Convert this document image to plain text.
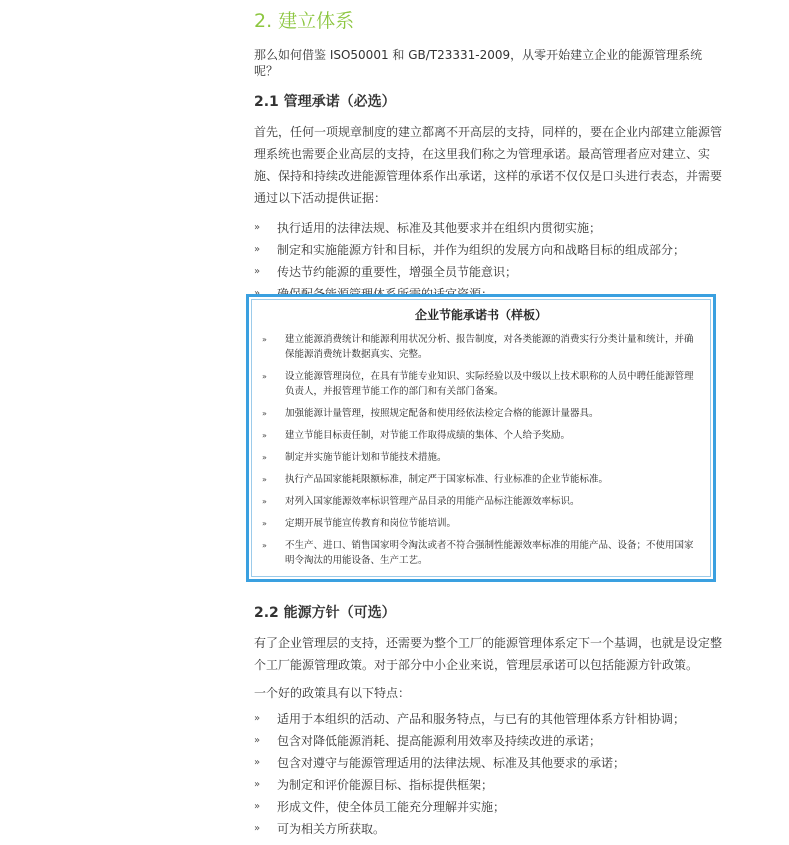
2. 建立体系

那么如何借鉴 ISO50001 和 GB/T23331-2009，从零开始建立企业的能源管理系统呢？

2.1 管理承诺（必选）

首先，任何一项规章制度的建立都离不开高层的支持，同样的，要在企业内部建立能源管理系统也需要企业高层的支持，在这里我们称之为管理承诺。最高管理者应对建立、实施、保持和持续改进能源管理体系作出承诺，这样的承诺不仅仅是口头进行表态，并需要通过以下活动提供证据：

» 执行适用的法律法规、标准及其他要求并在组织内贯彻实施；
» 制定和实施能源方针和目标，并作为组织的发展方向和战略目标的组成部分；
» 传达节约能源的重要性，增强全员节能意识；
企业节能承诺书（样板）
» 建立能源消费统计和能源利用状况分析、报告制度，对各类能源的消费实行分类计量和统计，并确保能源消费统计数据真实、完整。
» 设立能源管理岗位，在具有节能专业知识、实际经验以及中级以上技术职称的人员中聘任能源管理负责人，并报管理节能工作的部门和有关部门备案。
» 加强能源计量管理，按照规定配备和使用经依法检定合格的能源计量器具。
» 建立节能目标责任制，对节能工作取得成绩的集体、个人给予奖励。
» 制定并实施节能计划和节能技术措施。
» 执行产品国家能耗限额标准，制定严于国家标准、行业标准的企业节能标准。
» 对列入国家能源效率标识管理产品目录的用能产品标注能源效率标识。
» 定期开展节能宣传教育和岗位节能培训。
» 不生产、进口、销售国家明令淘汰或者不符合强制性能源效率标准的用能产品、设备；不使用国家明令淘汰的用能设备、生产工艺。
2.2 能源方针（可选）

有了企业管理层的支持，还需要为整个工厂的能源管理体系定下一个基调，也就是设定整个工厂能源管理政策。对于部分中小企业来说，管理层承诺可以包括能源方针政策。

一个好的政策具有以下特点：

» 适用于本组织的活动、产品和服务特点，与已有的其他管理体系方针相协调；
» 包含对降低能源消耗、提高能源利用效率及持续改进的承诺；
» 包含对遵守与能源管理适用的法律法规、标准及其他要求的承诺；
» 为制定和评价能源目标、指标提供框架；
» 形成文件，使全体员工能充分理解并实施；
» 可为相关方所获取。
